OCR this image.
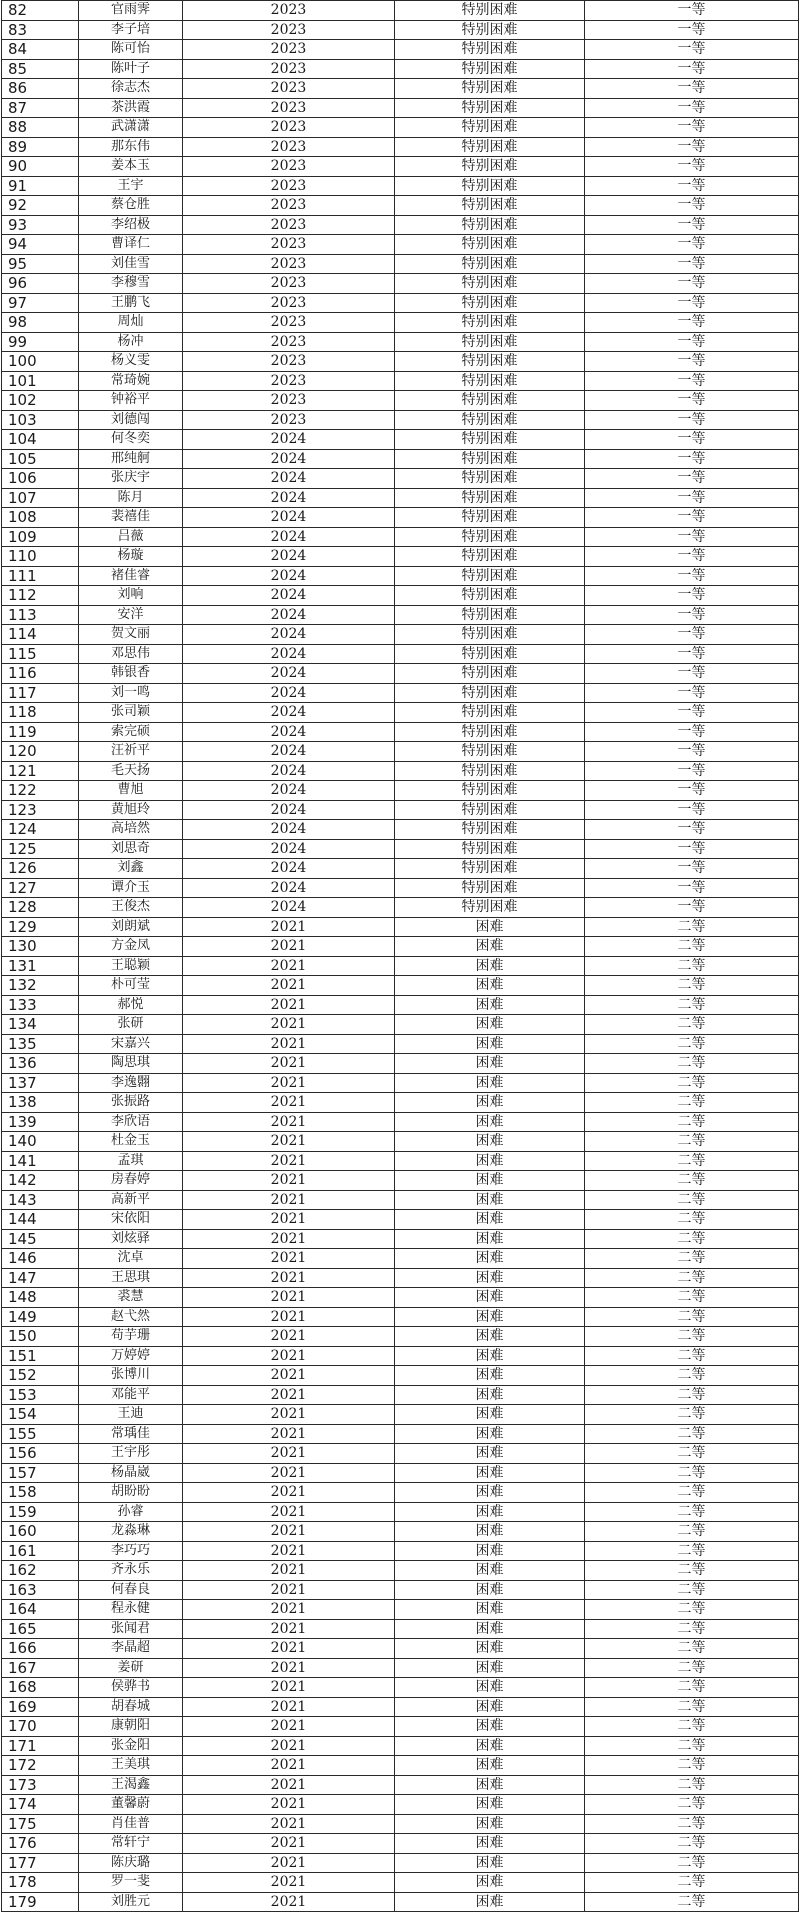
82	官雨霁	2023	特别困难	一等
83	李子培	2023	特别困难	一等
84	陈可怡	2023	特别困难	一等
85	陈叶子	2023	特别困难	一等
86	徐志杰	2023	特别困难	一等
87	茶洪霞	2023	特别困难	一等
88	武潇潇	2023	特别困难	一等
89	那东伟	2023	特别困难	一等
90	姜本玉	2023	特别困难	一等
91	王宇	2023	特别困难	一等
92	蔡仓胜	2023	特别困难	一等
93	李绍极	2023	特别困难	一等
94	曹译仁	2023	特别困难	一等
95	刘佳雪	2023	特别困难	一等
96	李穆雪	2023	特别困难	一等
97	王鹏飞	2023	特别困难	一等
98	周灿	2023	特别困难	一等
99	杨冲	2023	特别困难	一等
100	杨义雯	2023	特别困难	一等
101	常琦婉	2023	特别困难	一等
102	钟裕平	2023	特别困难	一等
103	刘德闯	2023	特别困难	一等
104	何冬奕	2024	特别困难	一等
105	邢纯舸	2024	特别困难	一等
106	张庆宇	2024	特别困难	一等
107	陈月	2024	特别困难	一等
108	裴禧佳	2024	特别困难	一等
109	吕薇	2024	特别困难	一等
110	杨璇	2024	特别困难	一等
111	褚佳睿	2024	特别困难	一等
112	刘响	2024	特别困难	一等
113	安洋	2024	特别困难	一等
114	贺文丽	2024	特别困难	一等
115	邓思伟	2024	特别困难	一等
116	韩银香	2024	特别困难	一等
117	刘一鸣	2024	特别困难	一等
118	张司颖	2024	特别困难	一等
119	索完硕	2024	特别困难	一等
120	汪祈平	2024	特别困难	一等
121	毛天扬	2024	特别困难	一等
122	曹旭	2024	特别困难	一等
123	黄旭玲	2024	特别困难	一等
124	高培然	2024	特别困难	一等
125	刘思奇	2024	特别困难	一等
126	刘鑫	2024	特别困难	一等
127	谭介玉	2024	特别困难	一等
128	王俊杰	2024	特别困难	一等
129	刘朗斌	2021	困难	二等
130	方金凤	2021	困难	二等
131	王聪颖	2021	困难	二等
132	朴可莹	2021	困难	二等
133	郝悦	2021	困难	二等
134	张研	2021	困难	二等
135	宋嘉兴	2021	困难	二等
136	陶思琪	2021	困难	二等
137	李逸翾	2021	困难	二等
138	张振路	2021	困难	二等
139	李欣语	2021	困难	二等
140	杜金玉	2021	困难	二等
141	孟琪	2021	困难	二等
142	房春婷	2021	困难	二等
143	高新平	2021	困难	二等
144	宋依阳	2021	困难	二等
145	刘炫驿	2021	困难	二等
146	沈卓	2021	困难	二等
147	王思琪	2021	困难	二等
148	裘慧	2021	困难	二等
149	赵弋然	2021	困难	二等
150	苟芋珊	2021	困难	二等
151	万婷婷	2021	困难	二等
152	张博川	2021	困难	二等
153	邓能平	2021	困难	二等
154	王迪	2021	困难	二等
155	常瑀佳	2021	困难	二等
156	王宇彤	2021	困难	二等
157	杨晶崴	2021	困难	二等
158	胡盼盼	2021	困难	二等
159	孙睿	2021	困难	二等
160	龙淼琳	2021	困难	二等
161	李巧巧	2021	困难	二等
162	齐永乐	2021	困难	二等
163	何春良	2021	困难	二等
164	程永健	2021	困难	二等
165	张闻君	2021	困难	二等
166	李晶超	2021	困难	二等
167	姜研	2021	困难	二等
168	侯骅书	2021	困难	二等
169	胡春城	2021	困难	二等
170	康朝阳	2021	困难	二等
171	张金阳	2021	困难	二等
172	王美琪	2021	困难	二等
173	王渴鑫	2021	困难	二等
174	董馨蔚	2021	困难	二等
175	肖佳普	2021	困难	二等
176	常轩宁	2021	困难	二等
177	陈庆璐	2021	困难	二等
178	罗一斐	2021	困难	二等
179	刘胜元	2021	困难	二等
